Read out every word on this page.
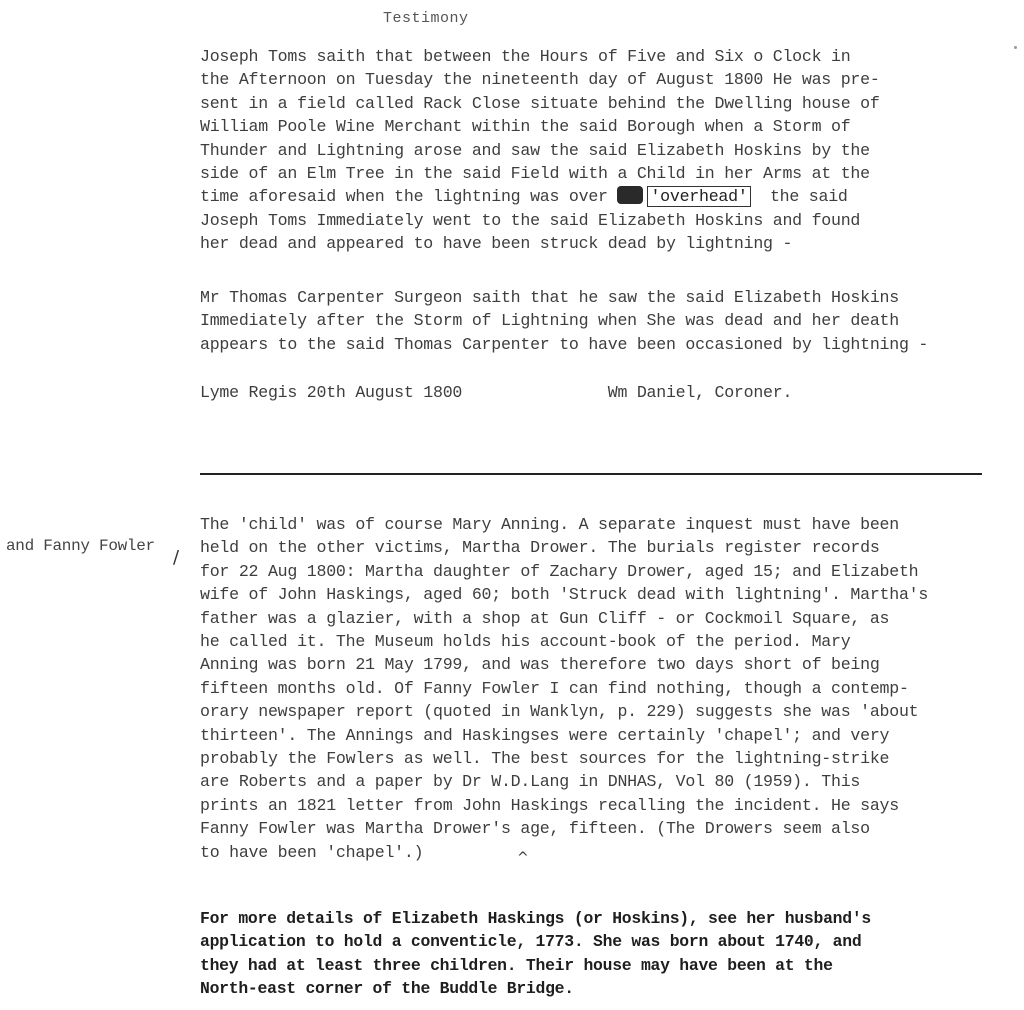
Testimony
Joseph Toms saith that between the Hours of Five and Six o Clock in
the Afternoon on Tuesday the nineteenth day of August 1800 He was pre-
sent in a field called Rack Close situate behind the Dwelling house of
William Poole Wine Merchant within the said Borough when a Storm of
Thunder and Lightning arose and saw the said Elizabeth Hoskins by the
side of an Elm Tree in the said Field with a Child in her Arms at the
time aforesaid when the lightning was over 'overhead'  the said
Joseph Toms Immediately went to the said Elizabeth Hoskins and found
her dead and appeared to have been struck dead by lightning -
Mr Thomas Carpenter Surgeon saith that he saw the said Elizabeth Hoskins
Immediately after the Storm of Lightning when She was dead and her death
appears to the said Thomas Carpenter to have been occasioned by lightning -
Lyme Regis 20th August 1800               Wm Daniel, Coroner.
and Fanny Fowler
/
^
The 'child' was of course Mary Anning. A separate inquest must have been
held on the other victims, Martha Drower. The burials register records
for 22 Aug 1800: Martha daughter of Zachary Drower, aged 15; and Elizabeth
wife of John Haskings, aged 60; both 'Struck dead with lightning'. Martha's
father was a glazier, with a shop at Gun Cliff - or Cockmoil Square, as
he called it. The Museum holds his account-book of the period. Mary
Anning was born 21 May 1799, and was therefore two days short of being
fifteen months old. Of Fanny Fowler I can find nothing, though a contemp-
orary newspaper report (quoted in Wanklyn, p. 229) suggests she was 'about
thirteen'. The Annings and Haskingses were certainly 'chapel'; and very
probably the Fowlers as well. The best sources for the lightning-strike
are Roberts and a paper by Dr W.D.Lang in DNHAS, Vol 80 (1959). This
prints an 1821 letter from John Haskings recalling the incident. He says
Fanny Fowler was Martha Drower's age, fifteen. (The Drowers seem also
to have been 'chapel'.)
For more details of Elizabeth Haskings (or Hoskins), see her husband's
application to hold a conventicle, 1773. She was born about 1740, and
they had at least three children. Their house may have been at the
North-east corner of the Buddle Bridge.
